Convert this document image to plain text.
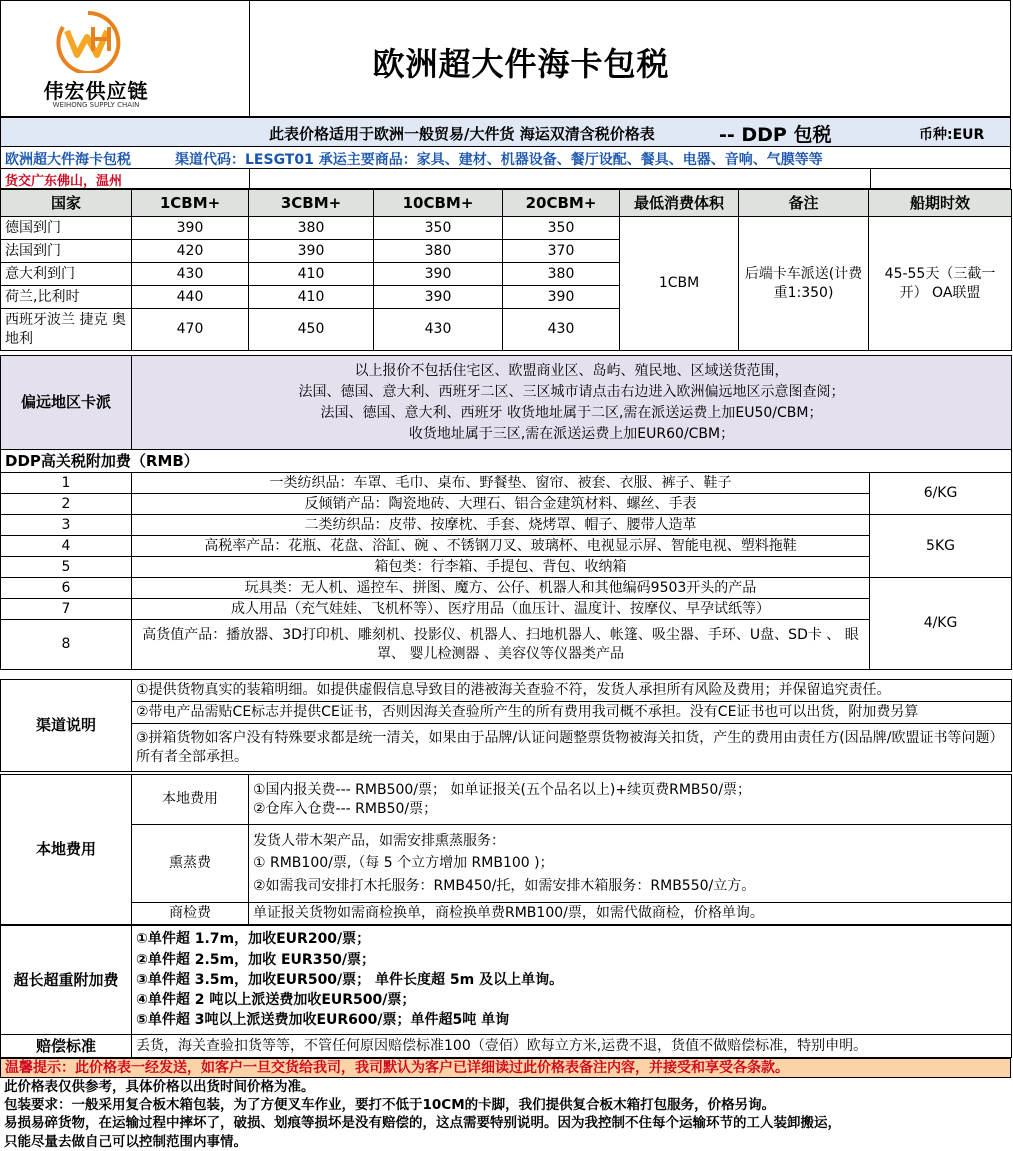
伟宏供应链
WEIHONG SUPPLY CHAIN
欧洲超大件海卡包税
此表价格适用于欧洲一般贸易/大件货 海运双清含税价格表	-- DDP 包税	币种:EUR
欧洲超大件海卡包税	渠道代码：LESGT01 承运主要商品：家具、建材、机器设备、餐厅设配、餐具、电器、音响、气膜等等
货交广东佛山，温州
国家	1CBM+	3CBM+	10CBM+	20CBM+	最低消费体积	备注	船期时效
德国到门	390	380	350	350	1CBM	后端卡车派送(计费重1:350)	45-55天（三截一开） OA联盟
法国到门	420	390	380	370			
意大利到门	430	410	390	380			
荷兰,比利时	440	410	390	390			
西班牙波兰 捷克 奥地利	470	450	430	430			
偏远地区卡派	
以上报价不包括住宅区、欧盟商业区、岛屿、殖民地、区域送货范围，
法国、德国、意大利、西班牙二区、三区城市请点击右边进入欧洲偏远地区示意图查阅；
法国、德国、意大利、西班牙 收货地址属于二区,需在派送运费上加EU50/CBM；
收货地址属于三区,需在派送运费上加EUR60/CBM；
DDP高关税附加费（RMB）		
1	一类纺织品：车罩、毛巾、桌布、野餐垫、窗帘、被套、衣服、裤子、鞋子	6/KG
2	反倾销产品：陶瓷地砖、大理石、铝合金建筑材料、螺丝、手表	
3	二类纺织品：皮带、按摩枕、手套、烧烤罩、帽子、腰带人造革	5KG
4	高税率产品：花瓶、花盘、浴缸、碗 、不锈钢刀叉、玻璃杯、电视显示屏、智能电视、塑料拖鞋	
5	箱包类：行李箱、手提包、背包、收纳箱	
6	玩具类：无人机、遥控车、拼图、魔方、公仔、机器人和其他编码9503开头的产品	4/KG
7	成人用品（充气娃娃、飞机杯等）、医疗用品（血压计、温度计、按摩仪、早孕试纸等）	
8	高货值产品：播放器、3D打印机、雕刻机、投影仪、机器人、扫地机器人、帐篷、吸尘器、手环、U盘、SD卡 、 眼罩、 婴儿检测器 、美容仪等仪器类产品	
渠道说明	①提供货物真实的装箱明细。如提供虚假信息导致目的港被海关查验不符，发货人承担所有风险及费用；并保留追究责任。
②带电产品需贴CE标志并提供CE证书，否则因海关查验所产生的所有费用我司概不承担。没有CE证书也可以出货，附加费另算
③拼箱货物如客户没有特殊要求都是统一清关，如果由于品牌/认证问题整票货物被海关扣货，产生的费用由责任方(因品牌/欧盟证书等问题）所有者全部承担。
本地费用	本地费用	①国内报关费--- RMB500/票； 如单证报关(五个品名以上)+续页费RMB50/票；
②仓库入仓费--- RMB50/票；

	熏蒸费	发货人带木架产品，如需安排熏蒸服务：
① RMB100/票,（每 5 个立方增加 RMB100 )；
②如需我司安排打木托服务：RMB450/托，如需安排木箱服务：RMB550/立方。

	商检费	单证报关货物如需商检换单，商检换单费RMB100/票，如需代做商检，价格单询。
超长超重附加费	
①单件超 1.7m，加收EUR200/票；
②单件超 2.5m，加收 EUR350/票；
③单件超 3.5m，加收EUR500/票； 单件长度超 5m 及以上单询。
④单件超 2 吨以上派送费加收EUR500/票；
⑤单件超 3吨以上派送费加收EUR600/票；单件超5吨 单询
赔偿标准	丢货，海关查验扣货等等，不管任何原因赔偿标准100（壹佰）欧每立方米,运费不退，货值不做赔偿标准，特别申明。
温馨提示：此价格表一经发送，如客户一旦交货给我司，我司默认为客户已详细读过此价格表备注内容，并接受和享受各条款。
此价格表仅供参考，具体价格以出货时间价格为准。
包装要求：一般采用复合板木箱包装，为了方便叉车作业，要打不低于10CM的卡脚，我们提供复合板木箱打包服务，价格另询。
易损易碎货物，在运输过程中摔坏了，破损、划痕等损坏是没有赔偿的，这点需要特别说明。因为我控制不住每个运输环节的工人装卸搬运，
只能尽量去做自己可以控制范围内事情。
